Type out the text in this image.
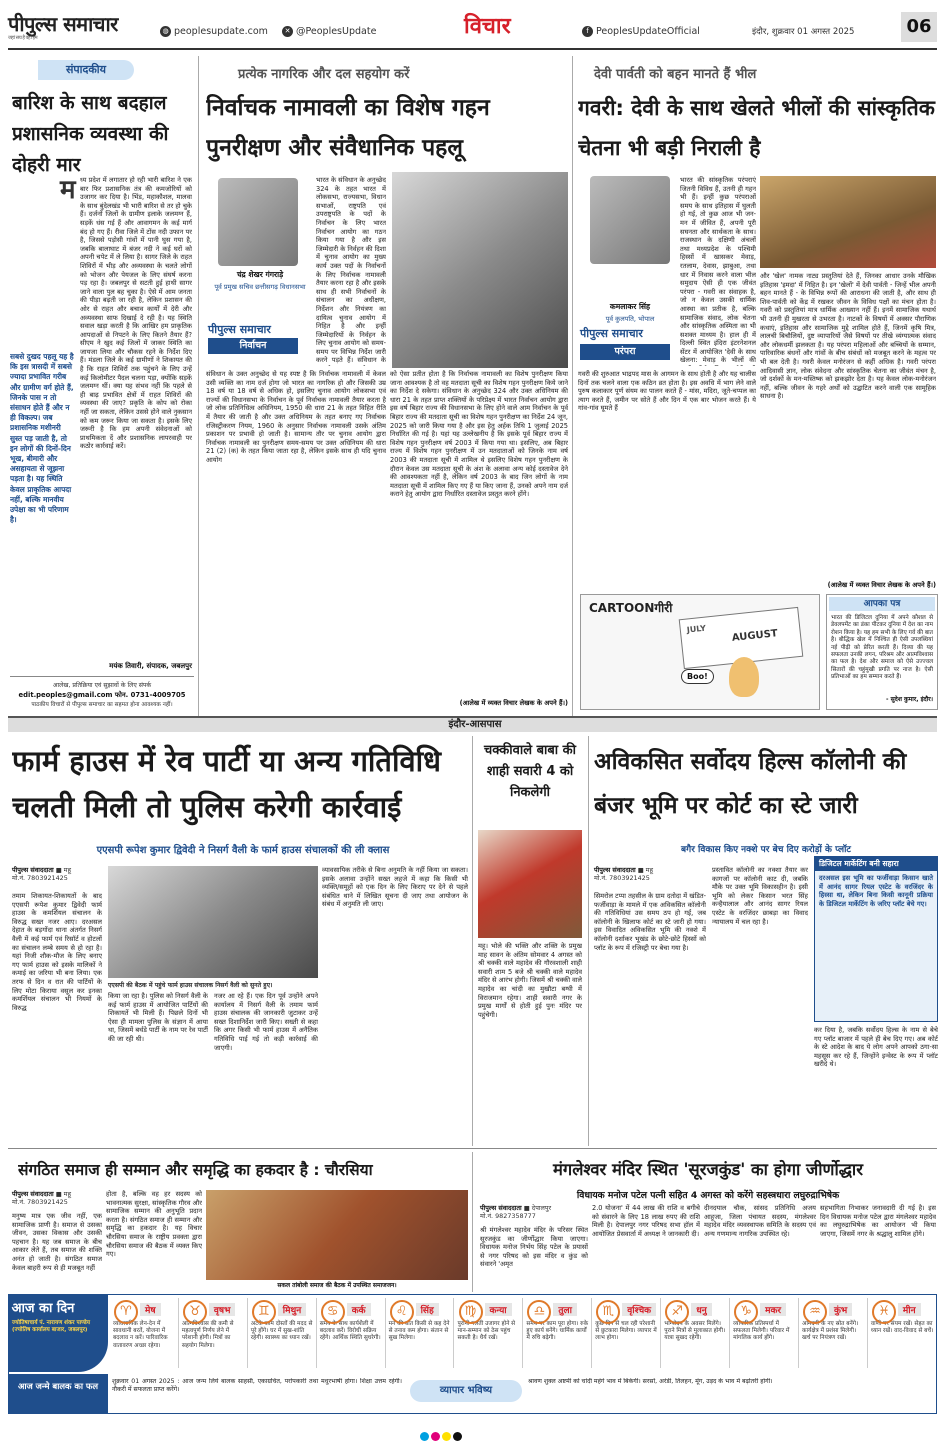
पीपुल्स समाचार
जहां सच है वहां हम
◍ peoplesupdate.com	✕ @PeoplesUpdate	विचार	f PeoplesUpdateOfficial	इंदौर, शुक्रवार 01 अगस्त 2025	06
संपादकीय
बारिश के साथ बदहाल प्रशासनिक व्यवस्था की दोहरी मार
म ध्य प्रदेश में लगातार हो रही भारी बारिश ने एक बार फिर प्रशासनिक तंत्र की कमजोरियों को उजागर कर दिया है। भिंड, महाकौशल, मालवा के साथ बुंदेलखंड भी भारी बारिश से तर हो चुके हैं। दर्जनों जिलों के ग्रामीण इलाके जलमग्न हैं, सड़कें धंस गई हैं और आवागमन के कई मार्ग बंद हो गए हैं। रीवा जिले में टोंस नदी उफान पर है, जिससे पड़ोसी गांवों में पानी घुस गया है, जबकि बालाघाट में बंजर नदी ने कई घरों को अपनी चपेट में ले लिया है। सागर जिले के राहत शिविरों में भीड़ और अव्यवस्था के चलते लोगों को भोजन और पेयजल के लिए संघर्ष करना पड़ रहा है। जबलपुर से सटती हुई हाथी सागर जाने वाला पुल बह चुका है। ऐसे में आम जनता की पीड़ा बढ़ती जा रही है, लेकिन प्रशासन की ओर से राहत और बचाव कार्यों में देरी और अव्यवस्था साफ दिखाई दे रही है। यह स्थिति सवाल खड़ा करती है कि आखिर हम प्राकृतिक आपदाओं से निपटने के लिए कितने तैयार हैं? सीएम ने खुद कई जिलों में जाकर स्थिति का जायजा लिया और चौकस रहने के निर्देश दिए हैं। मंडला जिले के कई ग्रामीणों ने शिकायत की है कि राहत शिविरों तक पहुंचने के लिए उन्हें कई किलोमीटर पैदल चलना पड़ा, क्योंकि सड़कें जलमग्न थीं। क्या यह संभव नहीं कि पहले से ही बाढ़ प्रभावित क्षेत्रों में राहत शिविरों की व्यवस्था की जाए? प्रकृति के कोप को रोका नहीं जा सकता, लेकिन उससे होने वाले नुकसान को कम जरूर किया जा सकता है। इसके लिए जरूरी है कि हम अपनी संवेदनाओं को प्राथमिकता दें और प्रशासनिक लापरवाही पर कठोर कार्रवाई करें।
सबसे दुखद पहलू यह है कि इस त्रासदी में सबसे ज्यादा प्रभावित गरीब और ग्रामीण वर्ग होते हैं, जिनके पास न तो संसाधन होते हैं और न ही विकल्प। जब प्रशासनिक मशीनरी सुस्त पड़ जाती है, तो इन लोगों की दिनों-दिन भूख, बीमारी और असहायता से जूझना पड़ता है। यह स्थिति केवल प्राकृतिक आपदा नहीं, बल्कि मानवीय उपेक्षा का भी परिणाम है।
मयंक तिवारी, संपादक, जबलपुर
आलेख, प्रतिक्रिया एवं सुझावों के लिए संपर्क
edit.peoples@gmail.com फोन. 0731-4009705
पाठकीय विचारों से पीपुल्स समाचार का सहमत होना आवश्यक नहीं।
प्रत्येक नागरिक और दल सहयोग करें
निर्वाचक नामावली का विशेष गहन पुनरीक्षण और संवैधानिक पहलू
चंद्र शेखर गंगराड़े
पूर्व प्रमुख सचिव छत्तीसगढ़ विधानसभा
पीपुल्स समाचार
निर्वाचन
भारत के संविधान के अनुच्छेद 324 के तहत भारत में लोकसभा, राज्यसभा, विधान सभाओं, राष्ट्रपति एवं उपराष्ट्रपति के पदों के निर्वाचन के लिए भारत निर्वाचन आयोग का गठन किया गया है और इस जिम्मेदारी के निर्वहन की दिशा में चुनाव आयोग का मुख्य कार्य उक्त पदों के निर्वाचनों के लिए निर्वाचक नामावली तैयार करना रहा है और इसके साथ ही सभी निर्वाचनों के संचालन का अधीक्षण, निर्देशन और नियंत्रण का दायित्व चुनाव आयोग में निहित है और इन्हीं जिम्मेदारियों के निर्वहन के लिए चुनाव आयोग को समय-समय पर विभिन्न निर्देश जारी करने पड़ते हैं। संविधान के
संविधान के उक्त अनुच्छेद से यह स्पष्ट है कि निर्वाचक नामावली में केवल उसी व्यक्ति का नाम दर्ज होगा जो भारत का नागरिक हो और जिसकी उम्र 18 वर्ष या 18 वर्ष से अधिक हो, इसलिए चुनाव आयोग लोकसभा एवं राज्यों की विधानसभा के निर्वाचन के पूर्व निर्वाचक नामावली तैयार करता है जो लोक प्रतिनिधित्व अधिनियम, 1950 की धारा 21 के तहत विहित रीति में तैयार की जाती है और उक्त अधिनियम के तहत बनाए गए निर्वाचक रजिस्ट्रीकरण नियम, 1960 के अनुसार निर्वाचक नामावली उसके अंतिम प्रकाशन पर प्रभावी हो जाती है। सामान्य तौर पर चुनाव आयोग द्वारा निर्वाचक नामावली का पुनरीक्षण समय-समय पर उक्त अधिनियम की धारा 21 (2) (क) के तहत किया जाता रहा है, लेकिन इसके साथ ही यदि चुनाव आयोग
को ऐसा प्रतीत होता है कि निर्वाचक नामावली का विशेष पुनरीक्षण किया जाना आवश्यक है तो वह मतदाता सूची का विशेष गहन पुनरीक्षण किये जाने का निर्देश दे सकेगा। संविधान के अनुच्छेद 324 और उक्त अधिनियम की धारा 21 के तहत प्राप्त शक्तियों के परिप्रेक्ष्य में भारत निर्वाचन आयोग द्वारा इस वर्ष बिहार राज्य की विधानसभा के लिए होने वाले आम निर्वाचन के पूर्व बिहार राज्य की मतदाता सूची का विशेष गहन पुनरीक्षण का निर्देश 24 जून, 2025 को जारी किया गया है और इस हेतु अर्हक तिथि 1 जुलाई 2025 निर्धारित की गई है। यहां यह उल्लेखनीय है कि इसके पूर्व बिहार राज्य में विशेष गहन पुनरीक्षण वर्ष 2003 में किया गया था। इसलिए, अब बिहार राज्य में विशेष गहन पुनरीक्षण में उन मतदाताओं को जिनके नाम वर्ष 2003 की मतदाता सूची में शामिल थे इसलिए विशेष गहन पुनरीक्षण के दौरान केवल उस मतदाता सूची के अंश के अलावा अन्य कोई दस्तावेज देने की आवश्यकता नहीं है, लेकिन वर्ष 2003 के बाद जिन लोगों के नाम मतदाता सूची में शामिल किए गए हैं या किए जाना हैं, उनको अपने नाम दर्ज कराने हेतु आयोग द्वारा निर्धारित दस्तावेज प्रस्तुत करने होंगे।
(आलेख में व्यक्त विचार लेखक के अपने हैं।)
देवी पार्वती को बहन मानते हैं भील
गवरी: देवी के साथ खेलते भीलों की सांस्कृतिक चेतना भी बड़ी निराली है
कमलाकर सिंह
पूर्व कुलपति, भोपाल
पीपुल्स समाचार
परंपरा
भारत की सांस्कृतिक परंपराएं जितनी विविध हैं, उतनी ही गहन भी हैं। इन्हीं कुछ परंपराओं समय के साथ इतिहास में घुलती हो गई, तो कुछ आज भी जन-मन में जीवित हैं, अपनी पूरी सघनता और सार्थकता के साथ। राजस्थान के दक्षिणी अंचलों तथा मध्यप्रदेश के पश्चिमी हिस्सों में खासकर मेवाड़, रतलाम, देवास, झाबुआ, तथा धार में निवास करने वाला भील समुदाय ऐसी ही एक जीवंत परंपरा - गवरी का संवाहक है, जो न केवल उसकी धार्मिक आस्था का प्रतीक है, बल्कि सामाजिक संवाद, लोक चेतना और सांस्कृतिक अस्मिता का भी सशक्त माध्यम है। हाल ही में दिल्ली स्थित इंदिरा इंटरनेशनल सेंटर में आयोजित 'देवी के साथ खेलना: मेवाड़ के भीलों की
गवरी की शुरुआत भाद्रपद मास के आगमन के साथ होती है और यह चालीस दिनों तक चलने वाला एक कठिन व्रत होता है। इस अवधि में भाग लेने वाले पुरुष कलाकार पूर्ण संयम का पालन करते हैं - मांस, मदिरा, जूते-चप्पल का त्याग करते हैं, जमीन पर सोते हैं और दिन में एक बार भोजन करते हैं। ये गांव-गांव घूमते हैं
और 'खेल' नामक नाट्य प्रस्तुतियां देते हैं, जिनका आधार उनके मौखिक इतिहास 'इमदा' में निहित है। इन 'खेलों' में देवी पार्वती - जिन्हें भील अपनी बहन मानते हैं - के विभिन्न रूपों की आराधना की जाती है, और साथ ही शिव-पार्वती को केंद्र में रखकर जीवन के विविध पक्षों का मंचन होता है। गवरी को प्रस्तुतियां मात्र धार्मिक आख्यान नहीं हैं। इनमें सामाजिक यथार्थ भी उतनी ही मुखरता से उभरता है। नाटकों के विषयों में अक्सर पौराणिक कथाएं, इतिहास और सामाजिक मुद्दे शामिल होते हैं, जिनमें कृषि मित्र, लालची बिचौलियों, दुष्ट व्यापारियों जैसे विषयों पर तीखे व्यंग्यात्मक संवाद और लोकधर्मी झलकता है। यह परंपरा महिलाओं और बच्चियों के सम्मान, पारिवारिक बंधनों और गांवों के बीच संबंधों को मजबूत करने के महत्व पर भी बल देती है। गवरी केवल मनोरंजन से कहीं अधिक है। गवरी परंपरा आदिवासी ज्ञान, लोक संवेदना और सांस्कृतिक चेतना का जीवंत मंचन है, जो दर्शकों के मन-मस्तिष्क को झकझोर देता है। यह केवल लोक-मनोरंजन नहीं, बल्कि जीवन के गहरे अर्थों को उद्घाटित करने वाली एक सामूहिक साधना है।
(आलेख में व्यक्त विचार लेखक के अपने हैं।)
CARTOONगीरी
JULY	AUGUST
Boo!
आपका पत्र
भारत की डिजिटल दुनिया में अपने कौशल से डेवलपमेंट का डंका पीटकर दुनिया में देश का नाम रोशन किया है। यह हम सभी के लिए गर्व की बात है। बौद्धिक खेल में निश्चित ही ऐसी उपलब्धियां नई पीढ़ी को प्रेरित करती हैं। दिव्या की यह सफलता उनकी लगन, परिश्रम और आत्मविश्वास का फल है। देश और समाज को ऐसे उज्ज्वल सितारों की चहुंमुखी प्रगति पर नाज है। ऐसी प्रतिभाओं का हम सम्मान करते हैं।
- सुदेश कुमार, इंदौर।
इंदौर-आसपास
फार्म हाउस में रेव पार्टी या अन्य गतिविधि चलती मिली तो पुलिस करेगी कार्रवाई
एएसपी रूपेश कुमार द्विवेदी ने निसर्ग वैली के फार्म हाउस संचालकों की ली क्लास
पीपुल्स संवाददाता ■ महू
मो.नं. 7803921425
तमाम शिकायत-शिकायतों के बाद एएसपी रूपेश कुमार द्विवेदी फार्म हाउस के कमर्शियल संचालन के विरुद्ध सख्त नजर आए। दरअसल देहात के बड़गोंदा थाना अंतर्गत निसर्ग वैली में कई फार्म एवं रिसॉर्ट व होटलों का संचालन लम्बे समय से हो रहा है। यहां निजी शौक-मौज के लिए बनाए गए फार्म हाउस को इसके मालिकों ने कमाई का जरिया भी बना लिया। एक तरफ से दिन व रात की पार्टियों के लिए मोटा किराया वसूल कर इनका कमर्शियल संचालन भी नियमों के विरुद्ध
एएसपी की बैठक में पहुंचे फार्म हाउस संचालक निसर्ग वैली को सुनते हुए।
किया जा रहा है। पुलिस को निसर्ग वैली के कई फार्म हाउस में आयोजित पार्टियों की शिकायतें भी मिली हैं। पिछले दिनों भी ऐसा ही मामला पुलिस के संज्ञान में आया था, जिसमें बर्थडे पार्टी के नाम पर रेव पार्टी की जा रही थी।
नजर आ रहे हैं। एक दिन पूर्व उन्होंने अपने कार्यालय में निसर्ग वैली के तमाम फार्म हाउस संचालक की जानकारी जुटाकर उन्हें सख्त दिशानिर्देश जारी किए। सख्ती से कहा कि अगर किसी भी फार्म हाउस में अनैतिक गतिविधि पाई गई तो कड़ी कार्रवाई की जाएगी।
व्यावसायिक तरीके से बिना अनुमति के नहीं किया जा सकता। इसके अलावा उन्होंने सख्त लहजे में कहा कि किसी भी व्यक्ति/समूहों को एक दिन के लिए किराए पर देने से पहले संबंधित थाने में लिखित सूचना दी जाए तथा आयोजन के संबंध में अनुमति ली जाए।
चक्कीवाले बाबा की शाही सवारी 4 को निकलेगी
महू। भोले की भक्ति और शक्ति के प्रमुख माह सावन के अंतिम सोमवार 4 अगस्त को श्री चक्की वाले महादेव की गौरवशाली शाही सवारी शाम 5 बजे श्री चक्की वाले महादेव मंदिर से आरंभ होगी। जिसमें श्री चक्की वाले महादेव का चांदी का मुखौटा बग्घी में विराजमान रहेगा। शाही सवारी नगर के प्रमुख मार्गों से होती हुई पुनः मंदिर पर पहुंचेगी।
अविकसित सर्वोदय हिल्स कॉलोनी की बंजर भूमि पर कोर्ट का स्टे जारी
बगैर विकास किए नक्शे पर बेच दिए करोड़ों के प्लॉट
पीपुल्स संवाददाता ■ महू
मो.नं. 7803921425
सिमरोल टप्पा तहसील के ग्राम दतोदा में खंडित-फर्जीवाड़ा के मामले में एक अविकसित कॉलोनी की गतिविधियां उस समय ठप हो गईं, जब कॉलोनी के खिलाफ कोर्ट का स्टे जारी हो गया। इस विवादित अविकसित भूमि की नक्शे में कॉलोनी दर्शाकर भूखंड के छोटे-छोटे हिस्सों को प्लॉट के रूप में रजिस्ट्री पर बेचा गया है।
प्रस्तावित कॉलोनी का नक्शा तैयार कर कागजों पर कॉलोनी काट दी, जबकि मौके पर उक्त भूमि विकासहीन है। इसी भूमि को लेकर किसान भरत सिंह कन्हैयालाल और आनंद सागर रियल एस्टेट के वरजिंदर छाबड़ा का विवाद न्यायालय में चल रहा है।
डिजिटल मार्केटिंग बनी सहारा
दरअसल इस भूमि का फर्जीवाड़ा किसान खाते में आनंद सागर रियल एस्टेट के वरजिंदर के हिस्सा था, लेकिन बिना किसी कानूनी प्रक्रिया के डिजिटल मार्केटिंग के जरिए प्लॉट बेचे गए।
कर दिया है, जबकि सर्वोदय हिल्स के नाम से बेचे गए प्लॉट बाजार में पहले ही बेच दिए गए। अब कोर्ट के स्टे आदेश के बाद ये लोग अपने आपको ठगा-सा महसूस कर रहे हैं, जिन्होंने इन्वेस्ट के रूप में प्लॉट खरीदे थे।
संगठित समाज ही सम्मान और समृद्धि का हकदार है : चौरसिया
पीपुल्स संवाददाता ■ महू
मो.नं. 7803921425
मनुष्य मात्र एक जीव नहीं, एक सामाजिक प्राणी है। समाज से उसका जीवन, उसका विकास और उसकी पहचान है। यह जब समाज के बीच आकार लेते हैं, तब समाज की शक्ति अनंत हो जाती है। संगठित समाज केवल बाहरी रूप से ही मजबूत नहीं
होता है, बल्कि वह हर सदस्य को भावनात्मक सुरक्षा, सांस्कृतिक गौरव और सामाजिक सम्मान की अनुभूति प्रदान करता है। संगठित समाज ही सम्मान और समृद्धि का हकदार है। यह विचार चौरसिया समाज के राष्ट्रीय प्रवक्ता द्वारा चौरसिया समाज की बैठक में व्यक्त किए गए।
सकल तांबोली समाज की बैठक में उपस्थित समाजजन।
मंगलेश्वर मंदिर स्थित 'सूरजकुंड' का होगा जीर्णोद्धार
विधायक मनोज पटेल पत्नी सहित 4 अगस्त को करेंगे सहस्त्रधारा लघुरुद्राभिषेक
पीपुल्स संवाददाता ■ देपालपुर
मो.नं. 9827358777
श्री मंगलेश्वर महादेव मंदिर के परिसर स्थित सूरजकुंड का जीर्णोद्धार किया जाएगा। विधायक मनोज निर्भय सिंह पटेल के प्रयासों से नगर परिषद को इस मंदिर व कुंड को संवारने 'अमृत
2.0 योजना' में 44 लाख की राशि व बगीचे को संवारने के लिए 18 लाख रुपए की राशि मिली है। देपालपुर नगर परिषद सभा हॉल में आयोजित प्रेसवार्ता में अध्यक्ष ने जानकारी दी।
दीनदयाल चौक, सांसद प्रतिनिधि अजय आहूजा, जिला पंचायत सदस्य, मंगलेश्वर महादेव मंदिर व्यवस्थापक समिति के सदस्य एवं अन्य गणमान्य नागरिक उपस्थित रहे।
सहभागिता निभाकर जनावदारी दी गई है। इस दिन विधायक मनोज पटेल द्वारा मंगलेश्वर महादेव का लघुरुद्राभिषेक का आयोजन भी किया जाएगा, जिसमें नगर के श्रद्धालु शामिल होंगे।
आज का दिन
ज्योतिषाचार्य पं. नारायण शंकर पाण्डेय (ज्योतिष कार्यालय बाजार, जबलपुर)
♈	मेष
व्यावसायिक लेन-देन में सावधानी बरतें, योजना में बदलाव न करें। पारिवारिक वातावरण अच्छा रहेगा।
♉	वृषभ
आत्मविश्वास की कमी से महत्वपूर्ण निर्णय लेने में परेशानी होगी। मित्रों का सहयोग मिलेगा।
♊	मिथुन
अटके काम दोस्तों की मदद से पूरे होंगे। घर में सुख-शांति रहेगी। स्वास्थ्य का ध्यान रखें।
♋	कर्क
समय के साथ कार्यशैली में बदलाव करें। विरोधी सक्रिय रहेंगे। आर्थिक स्थिति सुधरेगी।
♌	सिंह
मन की बात किसी से कह देने से तनाव कम होगा। संतान से सुख मिलेगा।
♍	कन्या
पुरानी गलती उजागर होने से मान-सम्मान को ठेस पहुंच सकती है। धैर्य रखें।
♎	तुला
समय पर काम पूरा होगा। रुके हुए कार्य बनेंगे। धार्मिक कार्यों में रुचि बढ़ेगी।
♏	वृश्चिक
कुछ दिन से चल रही परेशानी से छुटकारा मिलेगा। व्यापार में लाभ होगा।
♐	धनु
भाग्योदय के अवसर मिलेंगे। पुराने मित्रों से मुलाकात होगी। यात्रा सुखद रहेगी।
♑	मकर
व्यापारिक प्रतिस्पर्धा में सफलता मिलेगी। परिवार में मांगलिक कार्य होंगे।
♒	कुंभ
आमदनी के नए स्रोत बनेंगे। कार्यक्षेत्र में प्रशंसा मिलेगी। खर्च पर नियंत्रण रखें।
♓	मीन
वाणी पर संयम रखें। सेहत का ध्यान रखें। वाद-विवाद से बचें।
आज जन्मे बालक का फल	शुक्रवार 01 अगस्त 2025 : आज जन्म लिये बालक साहसी, एकाग्रचित, परोपकारी तथा मधुरभाषी होगा। शिक्षा उत्तम रहेगी। नौकरी में सफलता प्राप्त करेंगे।	व्यापार भविष्य
श्रावण शुक्ल अष्टमी को चांदी महंगे भाव में बिकेगी। सरसों, अरंडी, तिलहन, मूंग, उड़द के भाव में बढ़ोतरी होगी।
